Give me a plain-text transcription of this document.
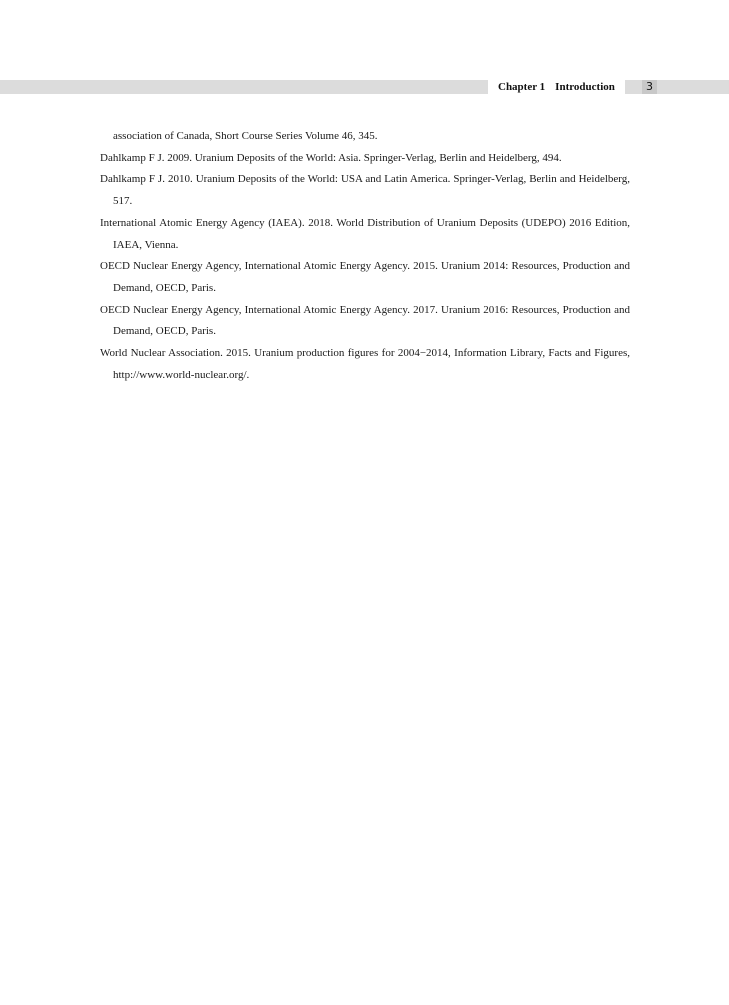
Chapter 1 Introduction	3
association of Canada, Short Course Series Volume 46, 345.
Dahlkamp F J. 2009. Uranium Deposits of the World: Asia. Springer-Verlag, Berlin and Heidelberg, 494.
Dahlkamp F J. 2010. Uranium Deposits of the World: USA and Latin America. Springer-Verlag, Berlin and Heidelberg, 517.
International Atomic Energy Agency (IAEA). 2018. World Distribution of Uranium Deposits (UDEPO) 2016 Edition, IAEA, Vienna.
OECD Nuclear Energy Agency, International Atomic Energy Agency. 2015. Uranium 2014: Resources, Production and Demand, OECD, Paris.
OECD Nuclear Energy Agency, International Atomic Energy Agency. 2017. Uranium 2016: Resources, Production and Demand, OECD, Paris.
World Nuclear Association. 2015. Uranium production figures for 2004−2014, Information Library, Facts and Figures, http://www.world-nuclear.org/.
